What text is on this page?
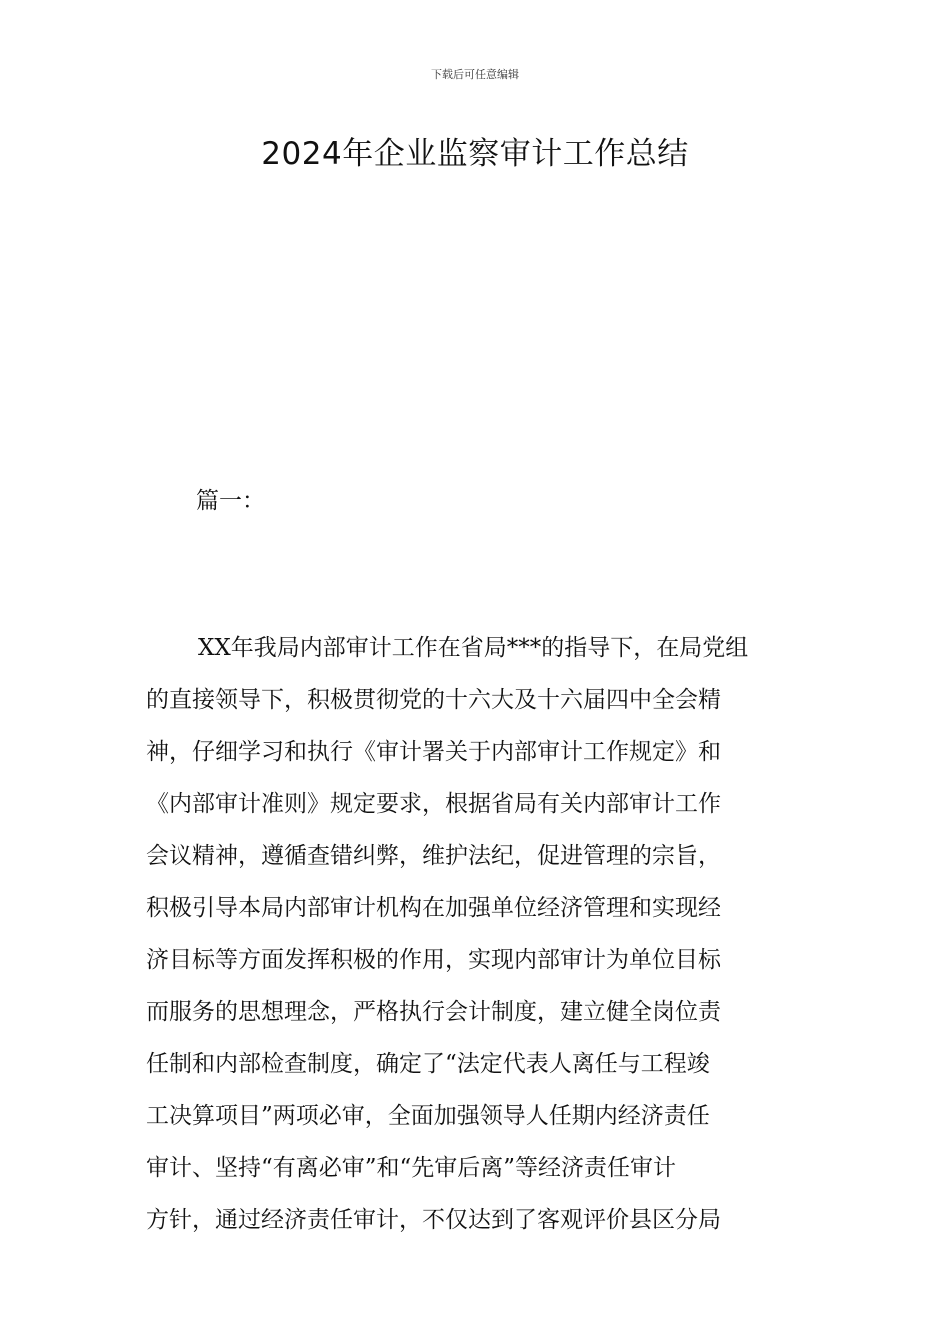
下载后可任意编辑
2024年企业监察审计工作总结
篇一：
XX年我局内部审计工作在省局***的指导下，在局党组
的直接领导下，积极贯彻党的十六大及十六届四中全会精
神，仔细学习和执行《审计署关于内部审计工作规定》和
《内部审计准则》规定要求，根据省局有关内部审计工作
会议精神，遵循查错纠弊，维护法纪，促进管理的宗旨，
积极引导本局内部审计机构在加强单位经济管理和实现经
济目标等方面发挥积极的作用，实现内部审计为单位目标
而服务的思想理念，严格执行会计制度，建立健全岗位责
任制和内部检查制度，确定了“法定代表人离任与工程竣
工决算项目”两项必审，全面加强领导人任期内经济责任
审计、坚持“有离必审”和“先审后离”等经济责任审计
方针，通过经济责任审计，不仅达到了客观评价县区分局
